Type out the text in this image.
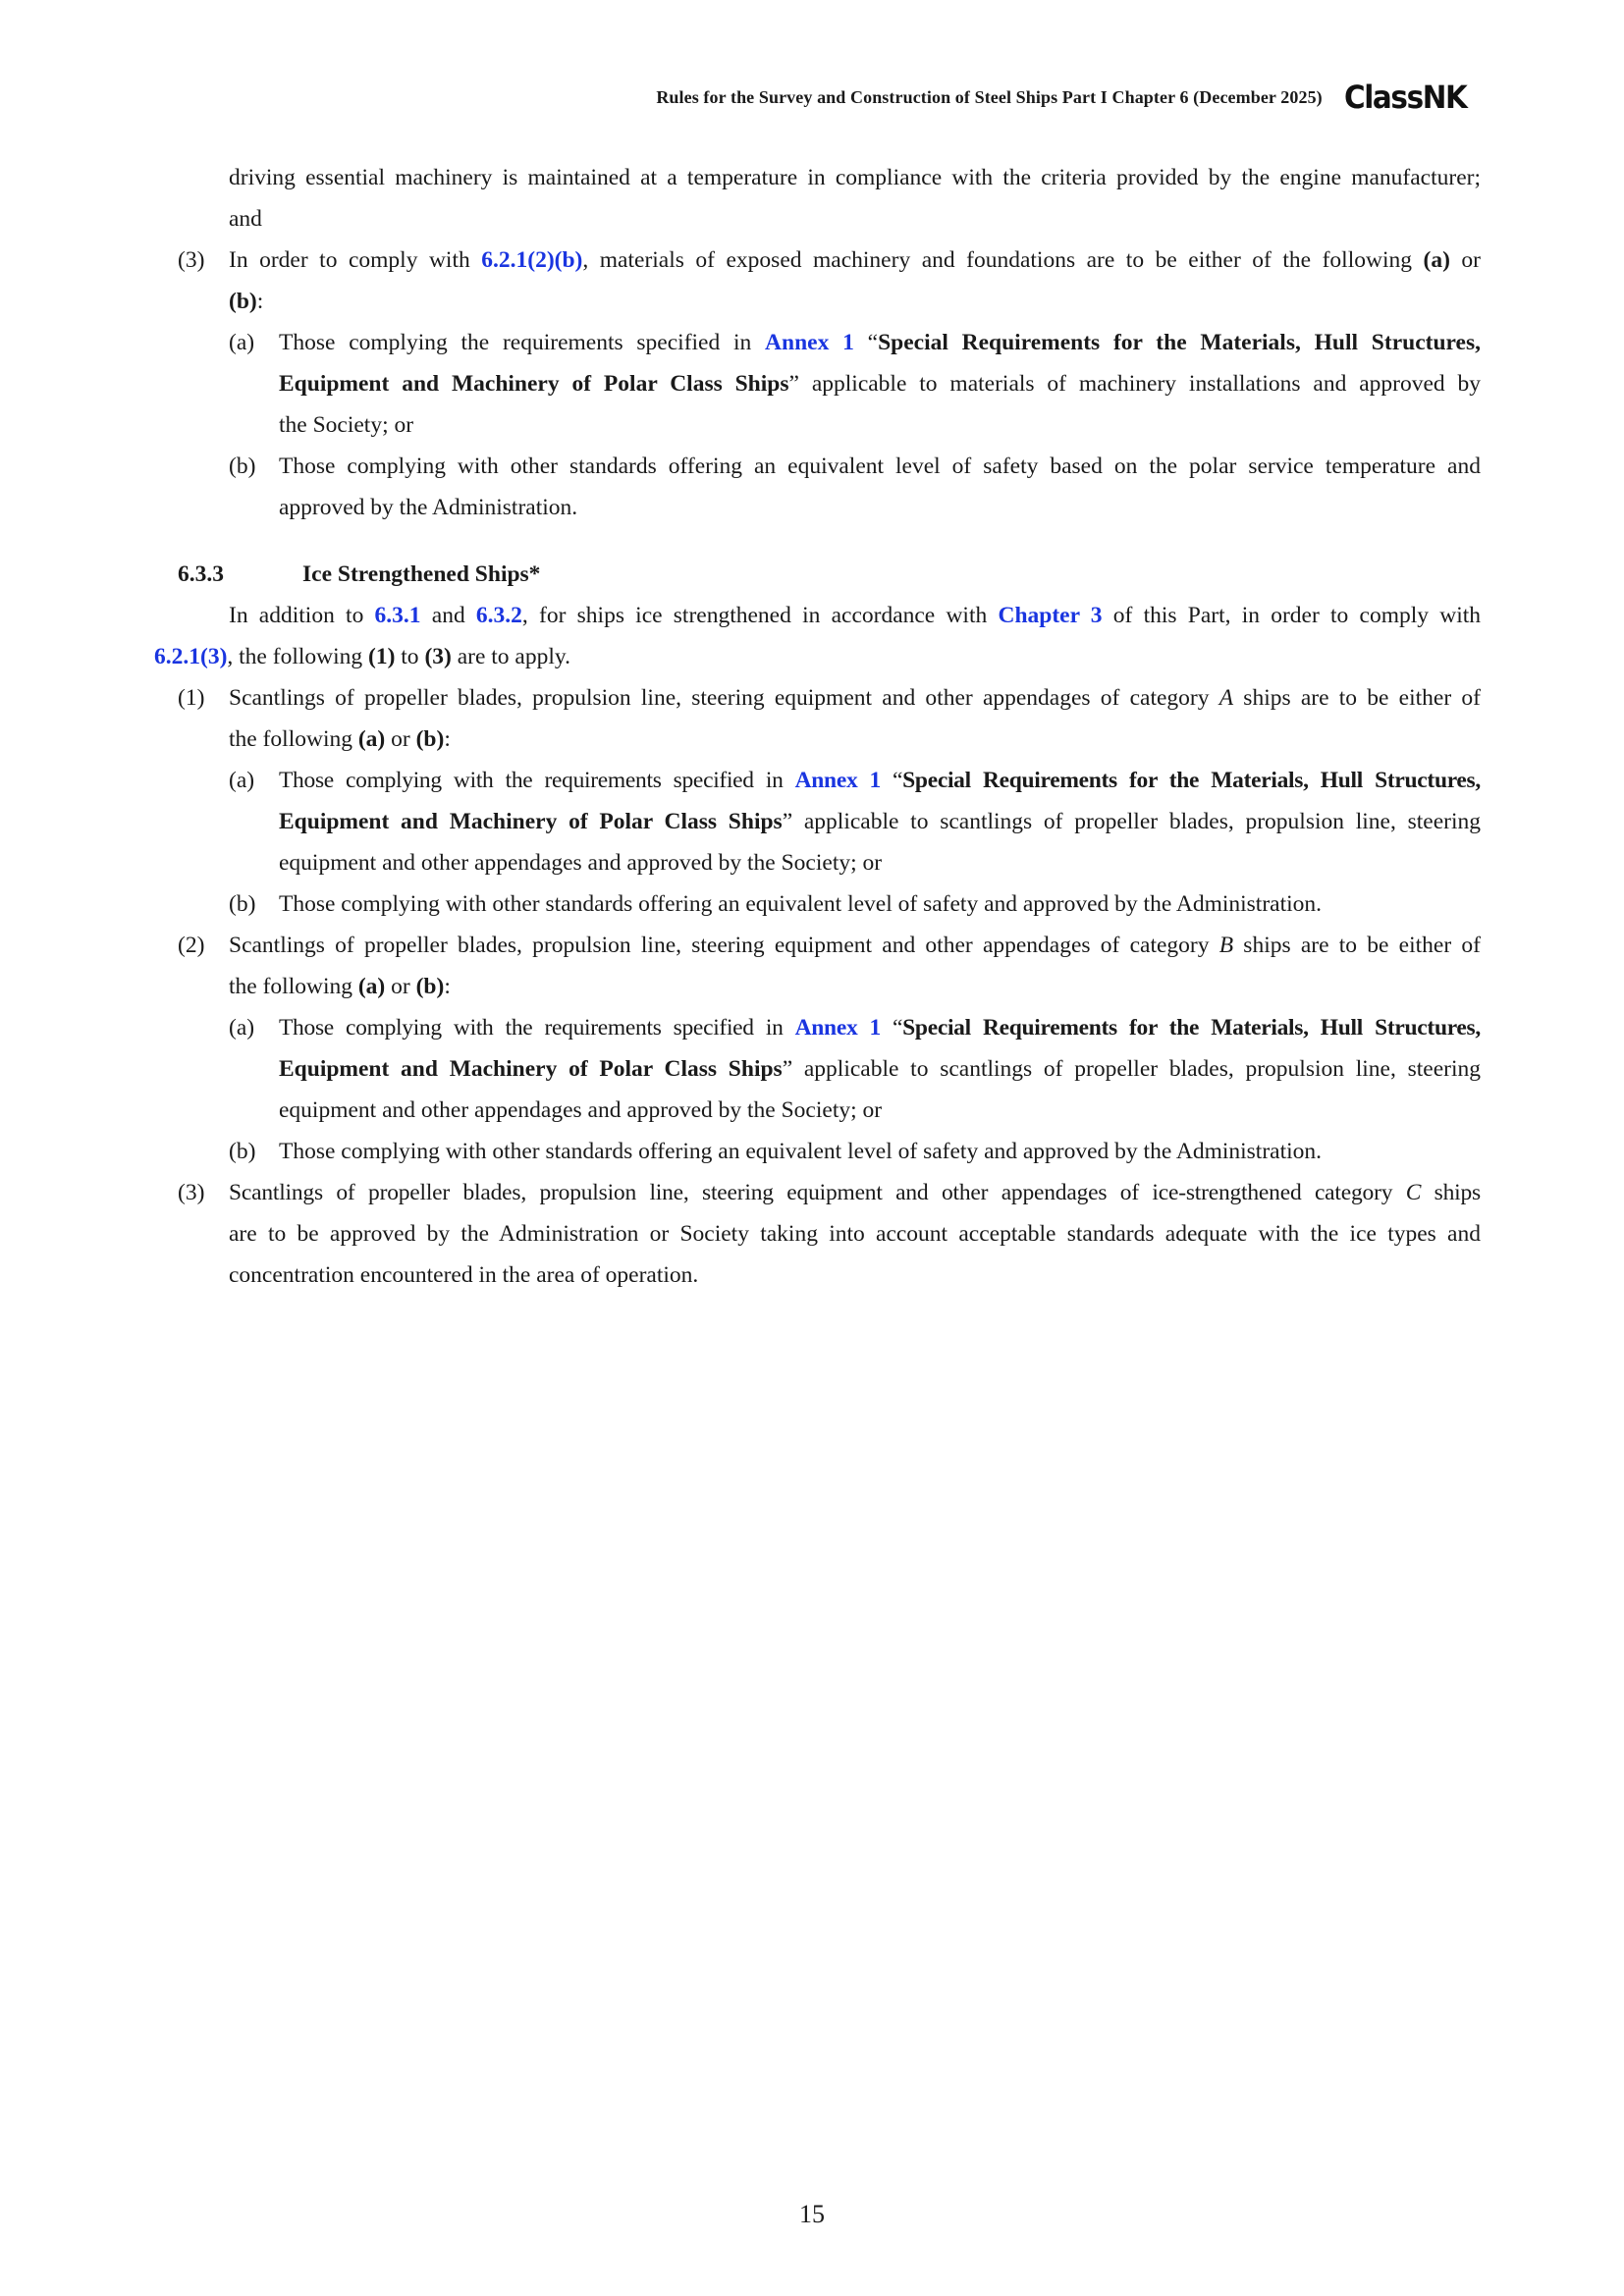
Rules for the Survey and Construction of Steel Ships Part I Chapter 6 (December 2025) ClassNK
driving essential machinery is maintained at a temperature in compliance with the criteria provided by the engine manufacturer;
and
(3) In order to comply with 6.2.1(2)(b), materials of exposed machinery and foundations are to be either of the following (a) or
(b):
(a) Those complying the requirements specified in Annex 1 “Special Requirements for the Materials, Hull Structures,
Equipment and Machinery of Polar Class Ships” applicable to materials of machinery installations and approved by
the Society; or
(b) Those complying with other standards offering an equivalent level of safety based on the polar service temperature and
approved by the Administration.
6.3.3	Ice Strengthened Ships*
In addition to 6.3.1 and 6.3.2, for ships ice strengthened in accordance with Chapter 3 of this Part, in order to comply with
6.2.1(3), the following (1) to (3) are to apply.
(1) Scantlings of propeller blades, propulsion line, steering equipment and other appendages of category A ships are to be either of
the following (a) or (b):
(a) Those complying with the requirements specified in Annex 1 “Special Requirements for the Materials, Hull Structures,
Equipment and Machinery of Polar Class Ships” applicable to scantlings of propeller blades, propulsion line, steering
equipment and other appendages and approved by the Society; or
(b) Those complying with other standards offering an equivalent level of safety and approved by the Administration.
(2) Scantlings of propeller blades, propulsion line, steering equipment and other appendages of category B ships are to be either of
the following (a) or (b):
(a) Those complying with the requirements specified in Annex 1 “Special Requirements for the Materials, Hull Structures,
Equipment and Machinery of Polar Class Ships” applicable to scantlings of propeller blades, propulsion line, steering
equipment and other appendages and approved by the Society; or
(b) Those complying with other standards offering an equivalent level of safety and approved by the Administration.
(3) Scantlings of propeller blades, propulsion line, steering equipment and other appendages of ice-strengthened category C ships
are to be approved by the Administration or Society taking into account acceptable standards adequate with the ice types and
concentration encountered in the area of operation.
15
